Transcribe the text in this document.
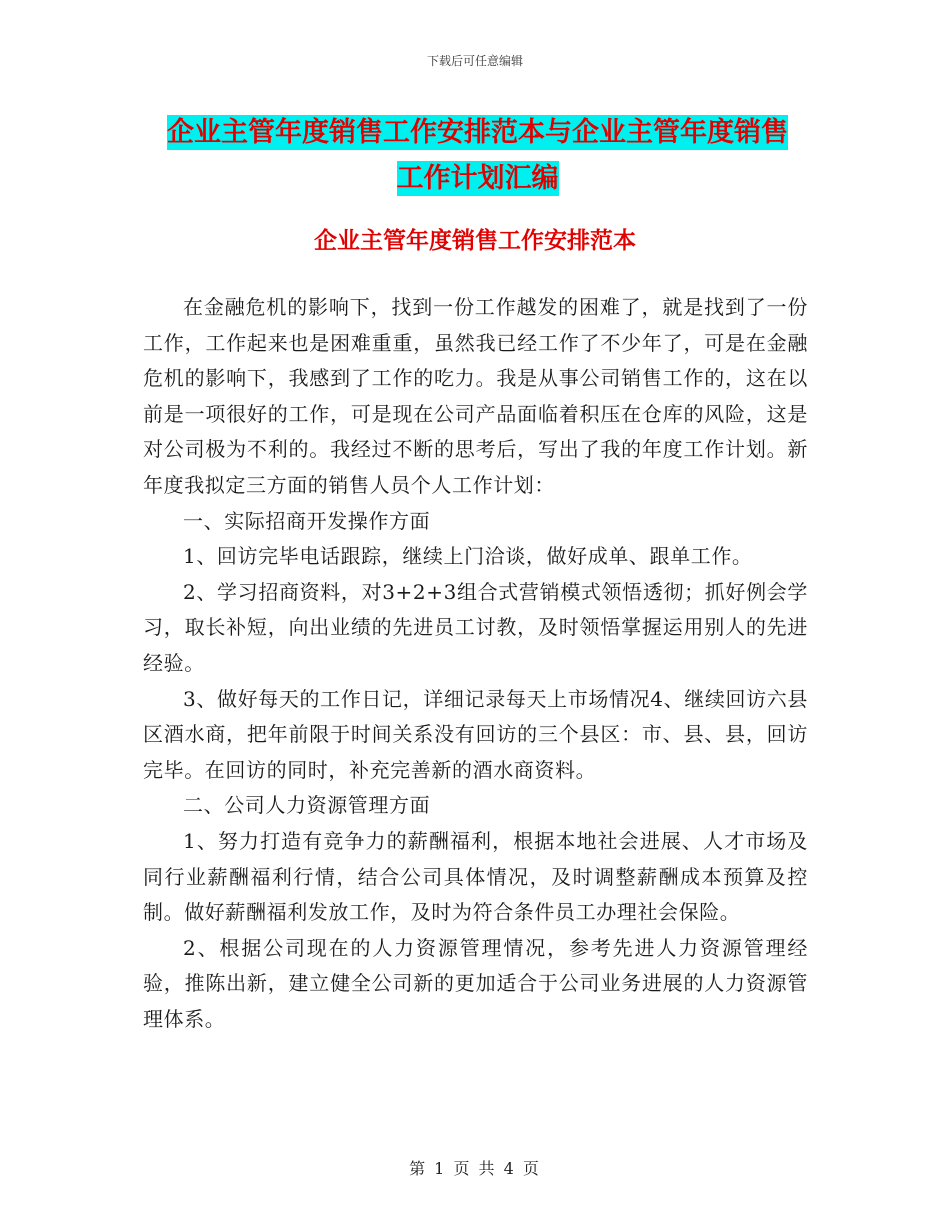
下载后可任意编辑
企业主管年度销售工作安排范本与企业主管年度销售
工作计划汇编
企业主管年度销售工作安排范本

在金融危机的影响下，找到一份工作越发的困难了，就是找到了一份工作，工作起来也是困难重重，虽然我已经工作了不少年了，可是在金融危机的影响下，我感到了工作的吃力。我是从事公司销售工作的，这在以前是一项很好的工作，可是现在公司产品面临着积压在仓库的风险，这是对公司极为不利的。我经过不断的思考后，写出了我的年度工作计划。新年度我拟定三方面的销售人员个人工作计划：

一、实际招商开发操作方面

1、回访完毕电话跟踪，继续上门洽谈，做好成单、跟单工作。

2、学习招商资料，对3+2+3组合式营销模式领悟透彻；抓好例会学习，取长补短，向出业绩的先进员工讨教，及时领悟掌握运用别人的先进经验。

3、做好每天的工作日记，详细记录每天上市场情况4、继续回访六县区酒水商，把年前限于时间关系没有回访的三个县区：市、县、县，回访完毕。在回访的同时，补充完善新的酒水商资料。

二、公司人力资源管理方面

1、努力打造有竞争力的薪酬福利，根据本地社会进展、人才市场及同行业薪酬福利行情，结合公司具体情况，及时调整薪酬成本预算及控制。做好薪酬福利发放工作，及时为符合条件员工办理社会保险。

2、根据公司现在的人力资源管理情况，参考先进人力资源管理经验，推陈出新，建立健全公司新的更加适合于公司业务进展的人力资源管理体系。

第 1 页 共 4 页
